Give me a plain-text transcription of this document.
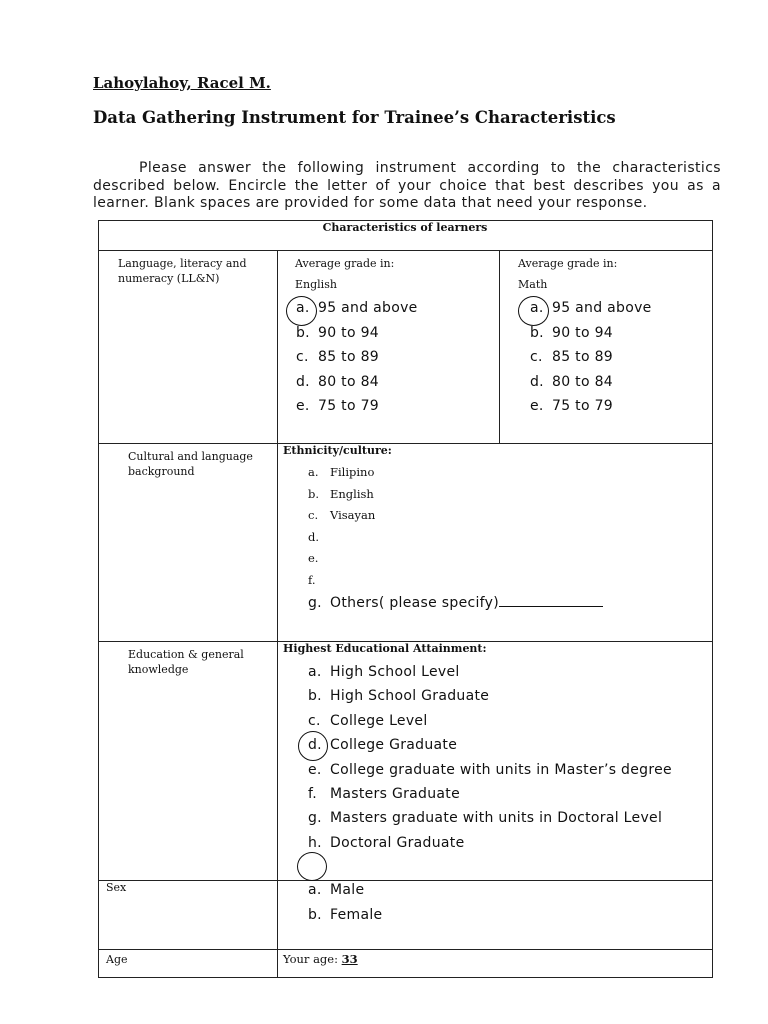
Lahoylahoy, Racel M.
Data Gathering Instrument for Trainee’s Characteristics
Please answer the following instrument according to the characteristics described below. Encircle the letter of your choice that best describes you as a learner. Blank spaces are provided for some data that need your response.
Characteristics of learners
Language, literacy and numeracy (LL&N)
Average grade in:
English
a. 95 and above
b. 90 to 94
c. 85 to 89
d. 80 to 84
e. 75 to 79
Average grade in:
Math
a. 95 and above
b. 90 to 94
c. 85 to 89
d. 80 to 84
e. 75 to 79
Cultural and language background
Ethnicity/culture:
a. Filipino
b. English
c. Visayan
d.
e.
f.
g. Others( please specify)
Education & general knowledge
Highest Educational Attainment:
a. High School Level
b. High School Graduate
c. College Level
d. College Graduate
e. College graduate with units in Master’s degree
f. Masters Graduate
g. Masters graduate with units in Doctoral Level
h. Doctoral Graduate
Sex	a. Male
b. Female
Age	Your age: 33
